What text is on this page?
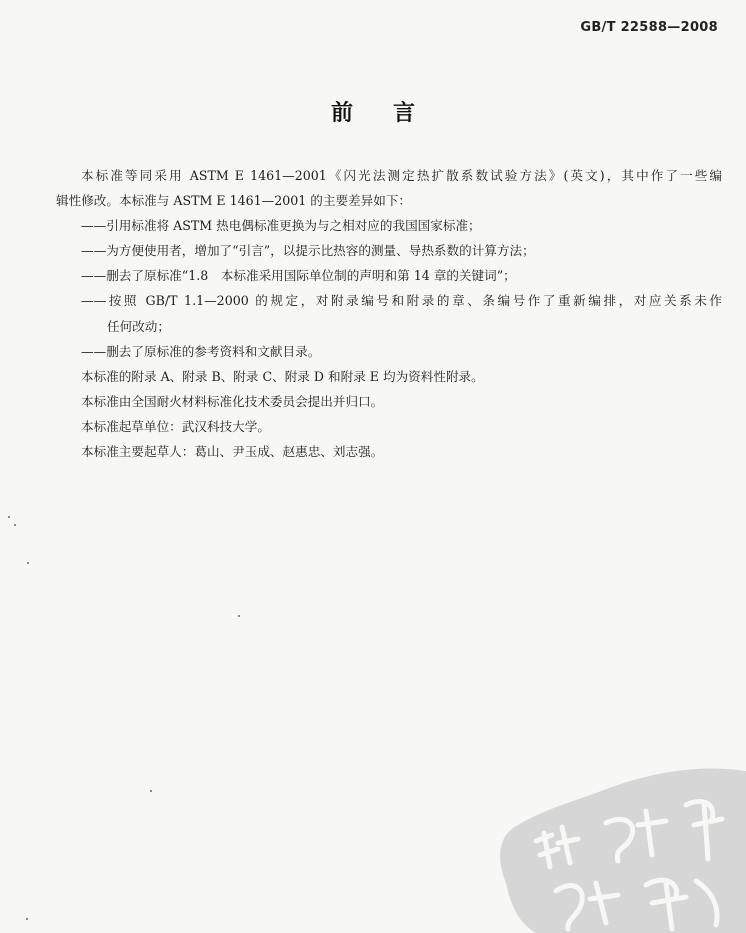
GB/T 22588—2008
前 言
本标准等同采用 ASTM E 1461—2001《闪光法测定热扩散系数试验方法》(英文)，其中作了一些编
辑性修改。本标准与 ASTM E 1461—2001 的主要差异如下：
——引用标准将 ASTM 热电偶标准更换为与之相对应的我国国家标准；
——为方便使用者，增加了“引言”，以提示比热容的测量、导热系数的计算方法；
——删去了原标准“1.8　本标准采用国际单位制的声明和第 14 章的关键词”；
——按照 GB/T 1.1—2000 的规定，对附录编号和附录的章、条编号作了重新编排，对应关系未作
任何改动；
——删去了原标准的参考资料和文献目录。
本标准的附录 A、附录 B、附录 C、附录 D 和附录 E 均为资料性附录。
本标准由全国耐火材料标准化技术委员会提出并归口。
本标准起草单位：武汉科技大学。
本标准主要起草人：葛山、尹玉成、赵惠忠、刘志强。
